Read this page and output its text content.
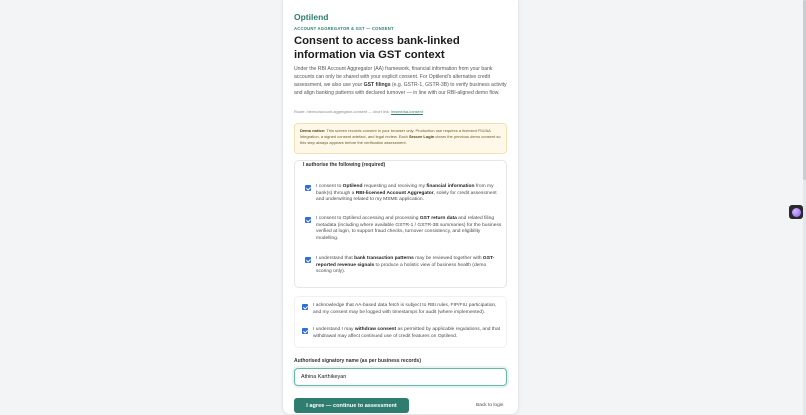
Optilend
ACCOUNT AGGREGATOR & GST — CONSENT
Consent to access bank-linked information via GST context

Under the RBI Account Aggregator (AA) framework, financial information from your bank accounts can only be shared with your explicit consent. For Optilend's alternative credit assessment, we also use your GST filings (e.g. GSTR-1, GSTR-3B) to verify business activity and align banking patterns with declared turnover — in line with our RBI-aligned demo flow.

Route: /demo/account-aggregator-consent — short link: /msme/aa-consent
Demo notice: This screen records consent in your browser only. Production use requires a licensed FIU/AA integration, a signed consent artefact, and legal review. Each Secure Login clears the previous demo consent so this step always appears before the verification assessment.
I authorise the following (required)
I consent to Optilend requesting and receiving my financial information from my bank(s) through a RBI-licensed Account Aggregator, solely for credit assessment and underwriting related to my MSME application.
I consent to Optilend accessing and processing GST return data and related filing metadata (including where available GSTR-1 / GSTR-3B summaries) for the business verified at login, to support fraud checks, turnover consistency, and eligibility modelling.
I understand that bank transaction patterns may be reviewed together with GST-reported revenue signals to produce a holistic view of business health (demo scoring only).
I acknowledge that AA-based data fetch is subject to RBI rules, FIP/FIU participation, and my consent may be logged with timestamps for audit (where implemented).
I understand I may withdraw consent as permitted by applicable regulations, and that withdrawal may affect continued use of credit features on Optilend.
Authorised signatory name (as per business records)
Athina Karthikeyan
I agree — continue to assessment	Back to login
